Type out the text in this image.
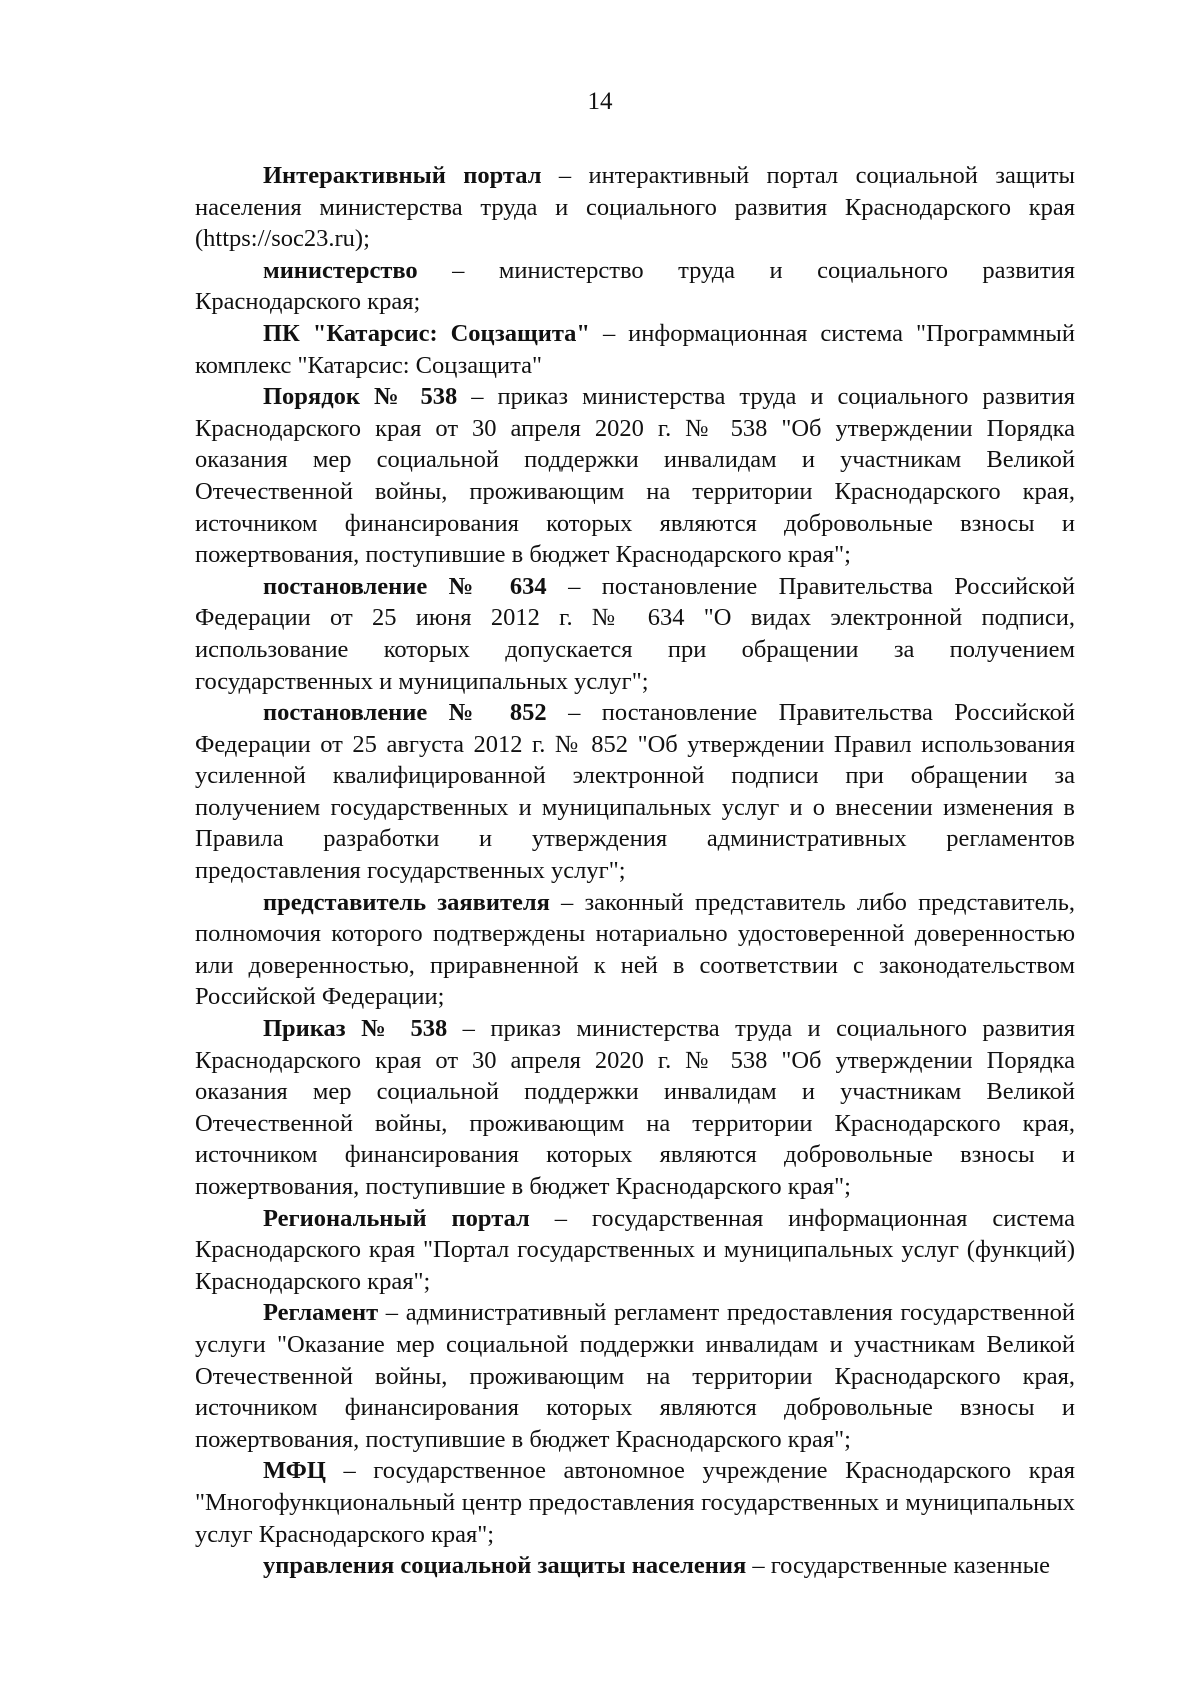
14

Интерактивный портал – интерактивный портал социальной защиты населения министерства труда и социального развития Краснодарского края (https://soc23.ru);

министерство – министерство труда и социального развития Краснодарского края;

ПК "Катарсис: Соцзащита" – информационная система "Программный комплекс "Катарсис: Соцзащита"

Порядок № 538 – приказ министерства труда и социального развития Краснодарского края от 30 апреля 2020 г. № 538 "Об утверждении Порядка оказания мер социальной поддержки инвалидам и участникам Великой Отечественной войны, проживающим на территории Краснодарского края, источником финансирования которых являются добровольные взносы и пожертвования, поступившие в бюджет Краснодарского края";

постановление № 634 – постановление Правительства Российской Федерации от 25 июня 2012 г. № 634 "О видах электронной подписи, использование которых допускается при обращении за получением государственных и муниципальных услуг";

постановление № 852 – постановление Правительства Российской Федерации от 25 августа 2012 г. № 852 "Об утверждении Правил использования усиленной квалифицированной электронной подписи при обращении за получением государственных и муниципальных услуг и о внесении изменения в Правила разработки и утверждения административных регламентов предоставления государственных услуг";

представитель заявителя – законный представитель либо представитель, полномочия которого подтверждены нотариально удостоверенной доверенностью или доверенностью, приравненной к ней в соответствии с законодательством Российской Федерации;

Приказ № 538 – приказ министерства труда и социального развития Краснодарского края от 30 апреля 2020 г. № 538 "Об утверждении Порядка оказания мер социальной поддержки инвалидам и участникам Великой Отечественной войны, проживающим на территории Краснодарского края, источником финансирования которых являются добровольные взносы и пожертвования, поступившие в бюджет Краснодарского края";

Региональный портал – государственная информационная система Краснодарского края "Портал государственных и муниципальных услуг (функций) Краснодарского края";

Регламент – административный регламент предоставления государственной услуги "Оказание мер социальной поддержки инвалидам и участникам Великой Отечественной войны, проживающим на территории Краснодарского края, источником финансирования которых являются добровольные взносы и пожертвования, поступившие в бюджет Краснодарского края";

МФЦ – государственное автономное учреждение Краснодарского края "Многофункциональный центр предоставления государственных и муниципальных услуг Краснодарского края";

управления социальной защиты населения – государственные казенные
